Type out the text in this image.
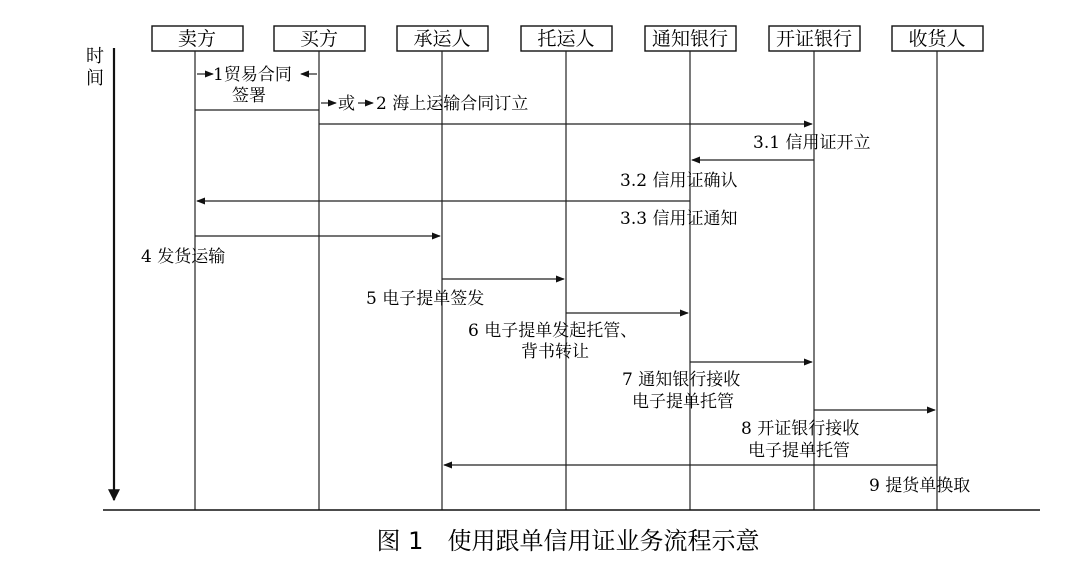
卖方	买方	承运人	托运人	通知银行	开证银行	收货人
时
间	1贸易合同
签署	或 2 海上运输合同订立
3.1 信用证开立
3.2 信用证确认
3.3 信用证通知
4 发货运输
5 电子提单签发
6 电子提单发起托管、
背书转让
7 通知银行接收
电子提单托管
8 开证银行接收
电子提单托管
9 提货单换取
图 1　使用跟单信用证业务流程示意
